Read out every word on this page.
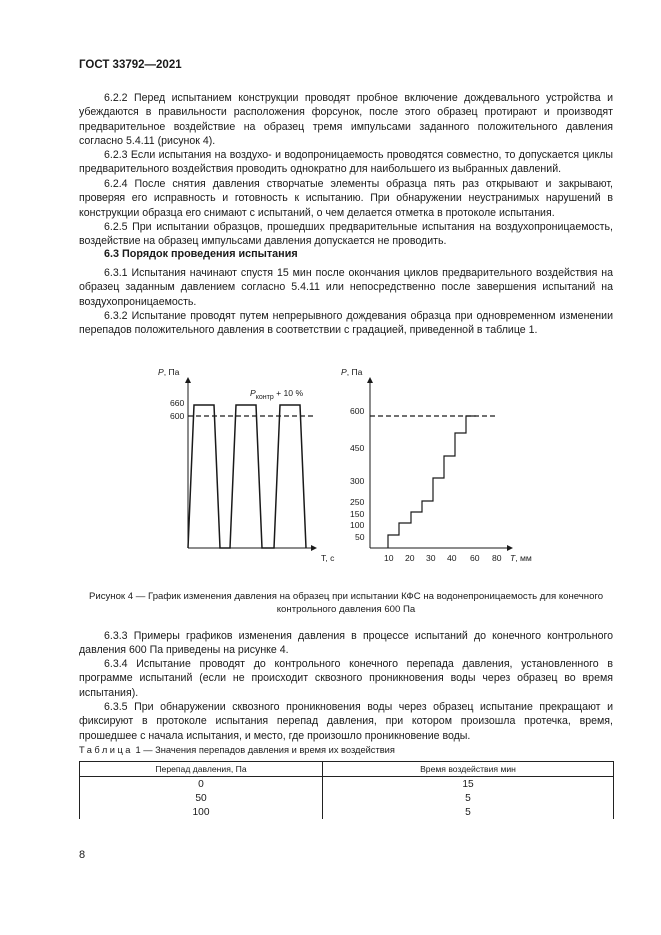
ГОСТ 33792—2021

6.2.2 Перед испытанием конструкции проводят пробное включение дождевального устройства и убеждаются в правильности расположения форсунок, после этого образец протирают и производят предварительное воздействие на образец тремя импульсами заданного положительного давления согласно 5.4.11 (рисунок 4).

6.2.3 Если испытания на воздухо- и водопроницаемость проводятся совместно, то допускается циклы предварительного воздействия проводить однократно для наибольшего из выбранных давлений.

6.2.4 После снятия давления створчатые элементы образца пять раз открывают и закрывают, проверяя его исправность и готовность к испытанию. При обнаружении неустранимых нарушений в конструкции образца его снимают с испытаний, о чем делается отметка в протоколе испытания.

6.2.5 При испытании образцов, прошедших предварительные испытания на воздухопроницаемость, воздействие на образец импульсами давления допускается не проводить.

6.3 Порядок проведения испытания

6.3.1 Испытания начинают спустя 15 мин после окончания циклов предварительного воздействия на образец заданным давлением согласно 5.4.11 или непосредственно после завершения испытаний на воздухопроницаемость.

6.3.2 Испытание проводят путем непрерывного дождевания образца при одновременном изменении перепадов положительного давления в соответствии с градацией, приведенной в таблице 1.

P, Па
T, с
660
600
$P_{контр} + 10$ %
P, Па
T, мм
600
450
300
250
150
100
50
10 20 30 40 60 80
Рисунок 4 — График изменения давления на образец при испытании КФС на водонепроницаемость для конечного контрольного давления 600 Па

6.3.3 Примеры графиков изменения давления в процессе испытаний до конечного контрольного давления 600 Па приведены на рисунке 4.

6.3.4 Испытание проводят до контрольного конечного перепада давления, установленного в программе испытаний (если не происходит сквозного проникновения воды через образец во время испытания).

6.3.5 При обнаружении сквозного проникновения воды через образец испытание прекращают и фиксируют в протоколе испытания перепад давления, при котором произошла протечка, время, прошедшее с начала испытания, и место, где произошло проникновение воды.

Таблица 1 — Значения перепадов давления и время их воздействия
Перепад давления, Па	Время воздействия мин
0	15
50	5
100	5
8
